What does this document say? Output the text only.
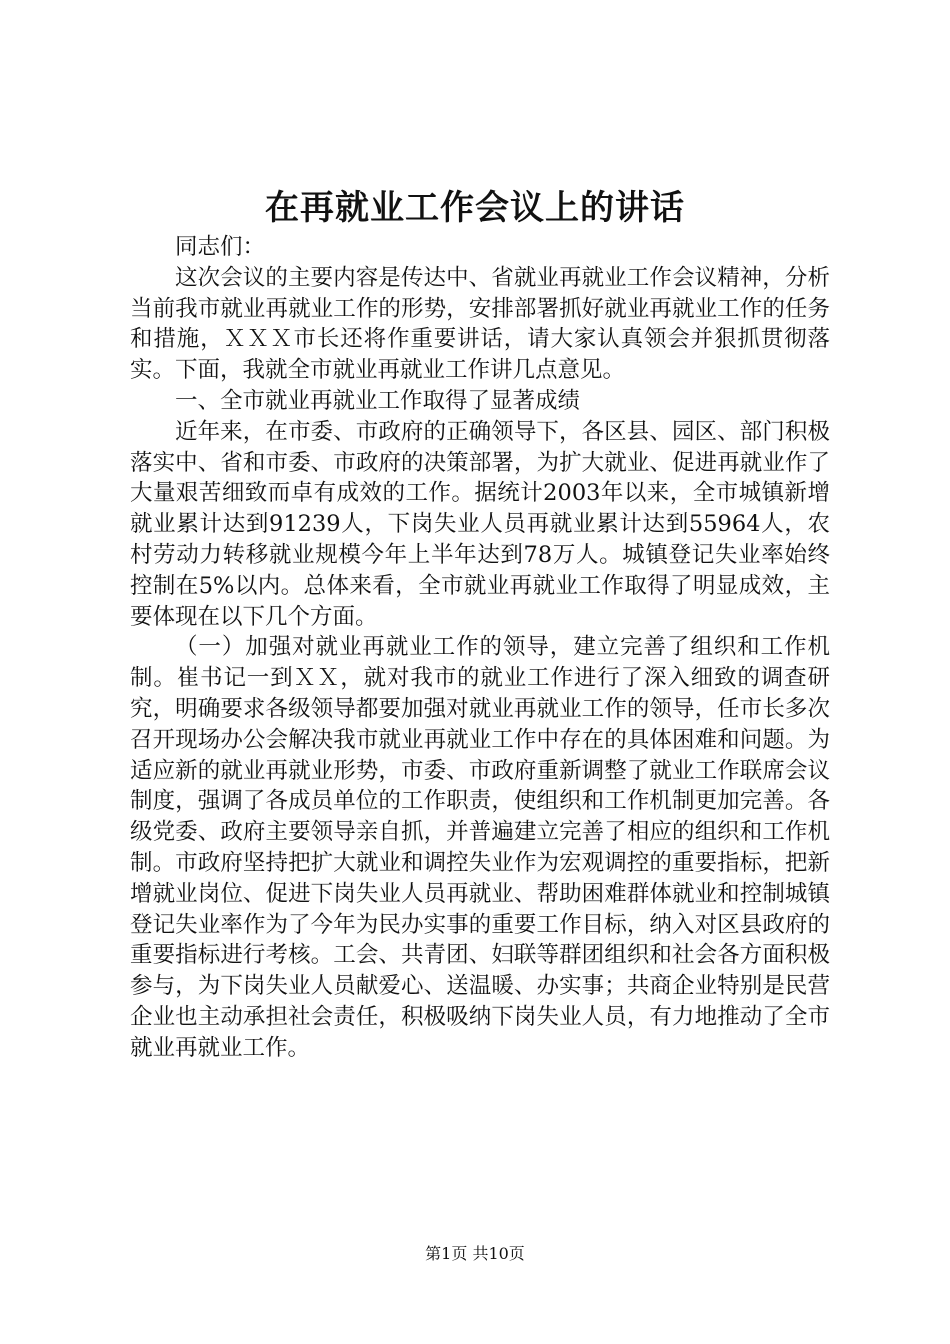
在再就业工作会议上的讲话

同志们：

这次会议的主要内容是传达中、省就业再就业工作会议精神，分析当前我市就业再就业工作的形势，安排部署抓好就业再就业工作的任务和措施，ＸＸＸ市长还将作重要讲话，请大家认真领会并狠抓贯彻落实。下面，我就全市就业再就业工作讲几点意见。

一、全市就业再就业工作取得了显著成绩

近年来，在市委、市政府的正确领导下，各区县、园区、部门积极落实中、省和市委、市政府的决策部署，为扩大就业、促进再就业作了大量艰苦细致而卓有成效的工作。据统计2003年以来，全市城镇新增就业累计达到91239人，下岗失业人员再就业累计达到55964人，农村劳动力转移就业规模今年上半年达到78万人。城镇登记失业率始终控制在5%以内。总体来看，全市就业再就业工作取得了明显成效，主要体现在以下几个方面。

（一）加强对就业再就业工作的领导，建立完善了组织和工作机制。崔书记一到ＸＸ，就对我市的就业工作进行了深入细致的调查研究，明确要求各级领导都要加强对就业再就业工作的领导，任市长多次召开现场办公会解决我市就业再就业工作中存在的具体困难和问题。为适应新的就业再就业形势，市委、市政府重新调整了就业工作联席会议制度，强调了各成员单位的工作职责，使组织和工作机制更加完善。各级党委、政府主要领导亲自抓，并普遍建立完善了相应的组织和工作机制。市政府坚持把扩大就业和调控失业作为宏观调控的重要指标，把新增就业岗位、促进下岗失业人员再就业、帮助困难群体就业和控制城镇登记失业率作为了今年为民办实事的重要工作目标，纳入对区县政府的重要指标进行考核。工会、共青团、妇联等群团组织和社会各方面积极参与，为下岗失业人员献爱心、送温暖、办实事；共商企业特别是民营企业也主动承担社会责任，积极吸纳下岗失业人员，有力地推动了全市就业再就业工作。

第1页 共10页
